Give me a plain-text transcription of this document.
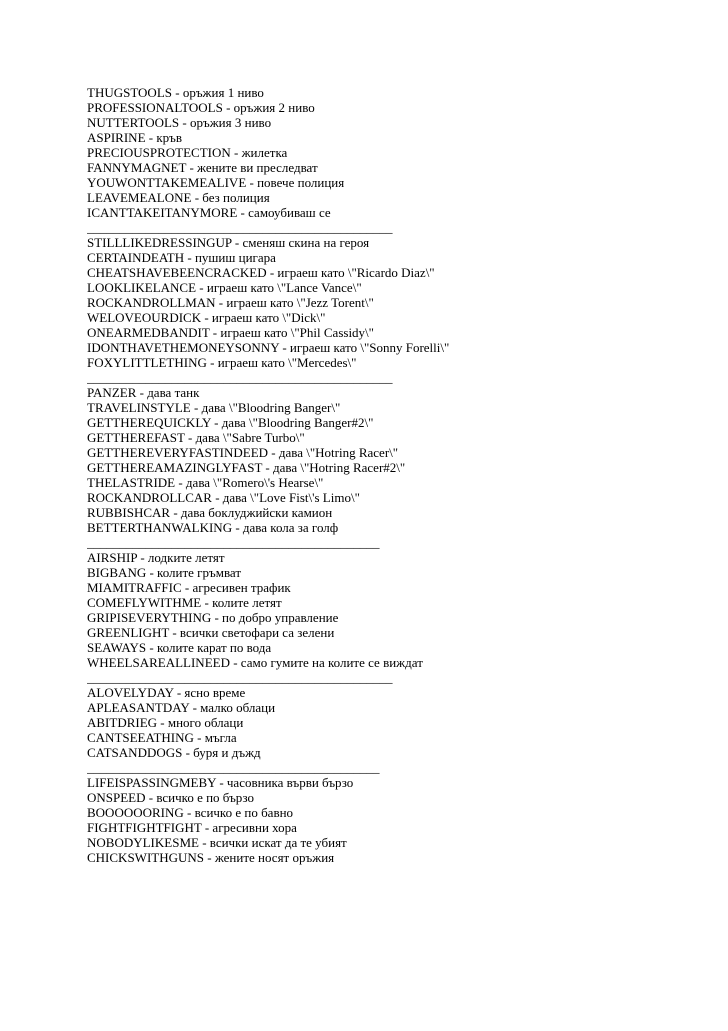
THUGSTOOLS - оръжия 1 ниво
PROFESSIONALTOOLS - оръжия 2 ниво
NUTTERTOOLS - оръжия 3 ниво
ASPIRINE - кръв
PRECIOUSPROTECTION - жилетка
FANNYMAGNET - жените ви преследват
YOUWONTTAKEMEALIVE - повече полиция
LEAVEMEALONE - без полиция
ICANTTAKEITANYMORE - самоубиваш се
_______________________________________________
STILLLIKEDRESSINGUP - сменяш скина на героя
CERTAINDEATH - пушиш цигара
CHEATSHAVEBEENCRACKED - играеш като \"Ricardo Diaz\"
LOOKLIKELANCE - играеш като \"Lance Vance\"
ROCKANDROLLMAN - играеш като \"Jezz Torent\"
WELOVEOURDICK - играеш като \"Dick\"
ONEARMEDBANDIT - играеш като \"Phil Cassidy\"
IDONTHAVETHEMONEYSONNY - играеш като \"Sonny Forelli\"
FOXYLITTLETHING - играеш като \"Mercedes\"
_______________________________________________
PANZER - дава танк
TRAVELINSTYLE - дава \"Bloodring Banger\"
GETTHEREQUICKLY - дава \"Bloodring Banger#2\"
GETTHEREFAST - дава \"Sabre Turbo\"
GETTHEREVERYFASTINDEED - дава \"Hotring Racer\"
GETTHEREAMAZINGLYFAST - дава \"Hotring Racer#2\"
THELASTRIDE - дава \"Romero\'s Hearse\"
ROCKANDROLLCAR - дава \"Love Fist\'s Limo\"
RUBBISHCAR - дава боклуджийски камион
BETTERTHANWALKING - дава кола за голф
_____________________________________________
AIRSHIP - лодките летят
BIGBANG - колите гръмват
MIAMITRAFFIC - агресивен трафик
COMEFLYWITHME - колите летят
GRIPISEVERYTHING - по добро управление
GREENLIGHT - всички светофари са зелени
SEAWAYS - колите карат по вода
WHEELSAREALLINEED - само гумите на колите се виждат
_______________________________________________
ALOVELYDAY - ясно време
APLEASANTDAY - малко облаци
ABITDRIEG - много облаци
CANTSEEATHING - мъгла
CATSANDDOGS - буря и дъжд
_____________________________________________
LIFEISPASSINGMEBY - часовника върви бързо
ONSPEED - всичко е по бързо
BOOOOOORING - всичко е по бавно
FIGHTFIGHTFIGHT - агресивни хора
NOBODYLIKESME - всички искат да те убият
CHICKSWITHGUNS - жените носят оръжия
